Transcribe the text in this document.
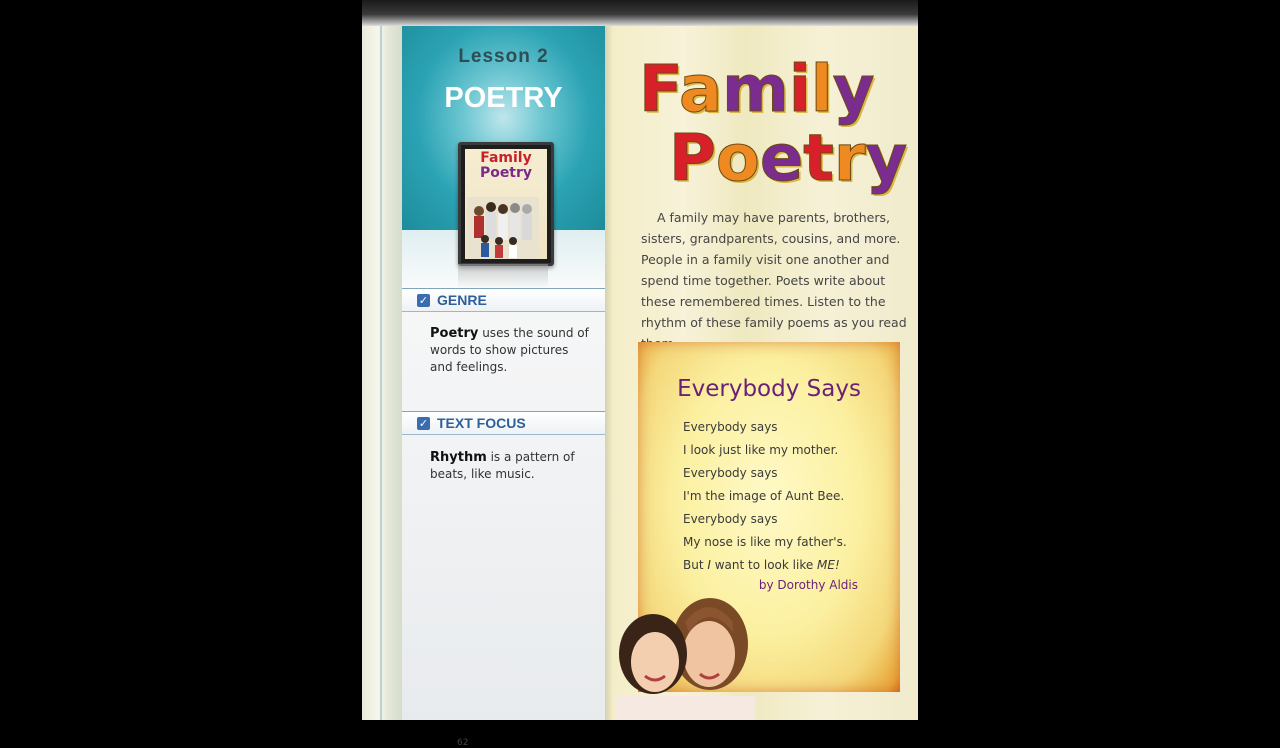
Lesson 2
POETRY
Family
Poetry
✓ GENRE
Poetry uses the sound of words to show pictures and feelings.
✓ TEXT FOCUS
Rhythm is a pattern of beats, like music.
62
Family
Poetry
A family may have parents, brothers, sisters, grandparents, cousins, and more. People in a family visit one another and spend time together. Poets write about these remembered times. Listen to the rhythm of these family poems as you read
Everybody Says
Everybody says
I look just like my mother.
Everybody says
I'm the image of Aunt Bee.
Everybody says
My nose is like my father's.
But I want to look like ME!
by Dorothy Aldis
